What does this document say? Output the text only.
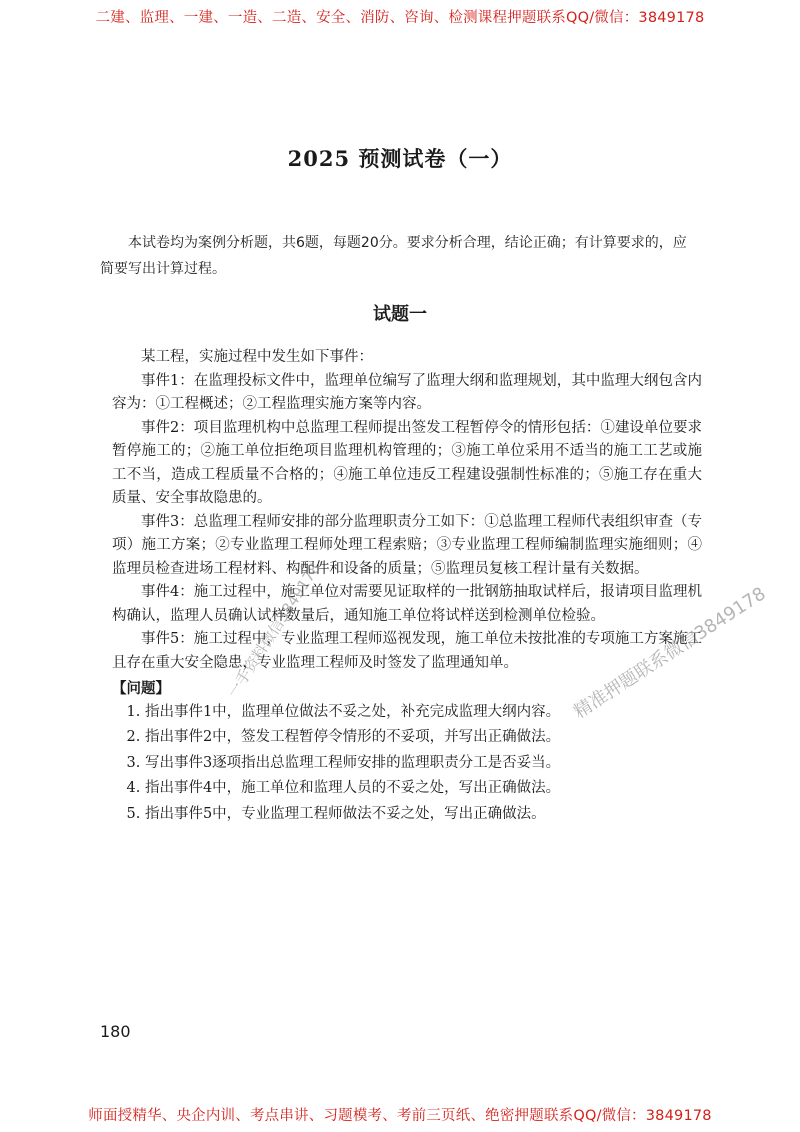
二建、监理、一建、一造、二造、安全、消防、咨询、检测课程押题联系QQ/微信：3849178
2025 预测试卷（一）
本试卷均为案例分析题，共6题，每题20分。要求分析合理，结论正确；有计算要求的，应简要写出计算过程。
试题一

某工程，实施过程中发生如下事件：

事件1：在监理投标文件中，监理单位编写了监理大纲和监理规划，其中监理大纲包含内容为：①工程概述；②工程监理实施方案等内容。

事件2：项目监理机构中总监理工程师提出签发工程暂停令的情形包括：①建设单位要求暂停施工的；②施工单位拒绝项目监理机构管理的；③施工单位采用不适当的施工工艺或施工不当，造成工程质量不合格的；④施工单位违反工程建设强制性标准的；⑤施工存在重大质量、安全事故隐患的。

事件3：总监理工程师安排的部分监理职责分工如下：①总监理工程师代表组织审查（专项）施工方案；②专业监理工程师处理工程索赔；③专业监理工程师编制监理实施细则；④监理员检查进场工程材料、构配件和设备的质量；⑤监理员复核工程计量有关数据。

事件4：施工过程中，施工单位对需要见证取样的一批钢筋抽取试样后，报请项目监理机构确认，监理人员确认试样数量后，通知施工单位将试样送到检测单位检验。

事件5：施工过程中，专业监理工程师巡视发现，施工单位未按批准的专项施工方案施工且存在重大安全隐患，专业监理工程师及时签发了监理通知单。

【问题】
1. 指出事件1中，监理单位做法不妥之处，补充完成监理大纲内容。
2. 指出事件2中，签发工程暂停令情形的不妥项，并写出正确做法。
3. 写出事件3逐项指出总监理工程师安排的监理职责分工是否妥当。
4. 指出事件4中，施工单位和监理人员的不妥之处，写出正确做法。
5. 指出事件5中，专业监理工程师做法不妥之处，写出正确做法。
一手资料微信3849178	精准押题联系微信3849178
180
师面授精华、央企内训、考点串讲、习题模考、考前三页纸、绝密押题联系QQ/微信：3849178
